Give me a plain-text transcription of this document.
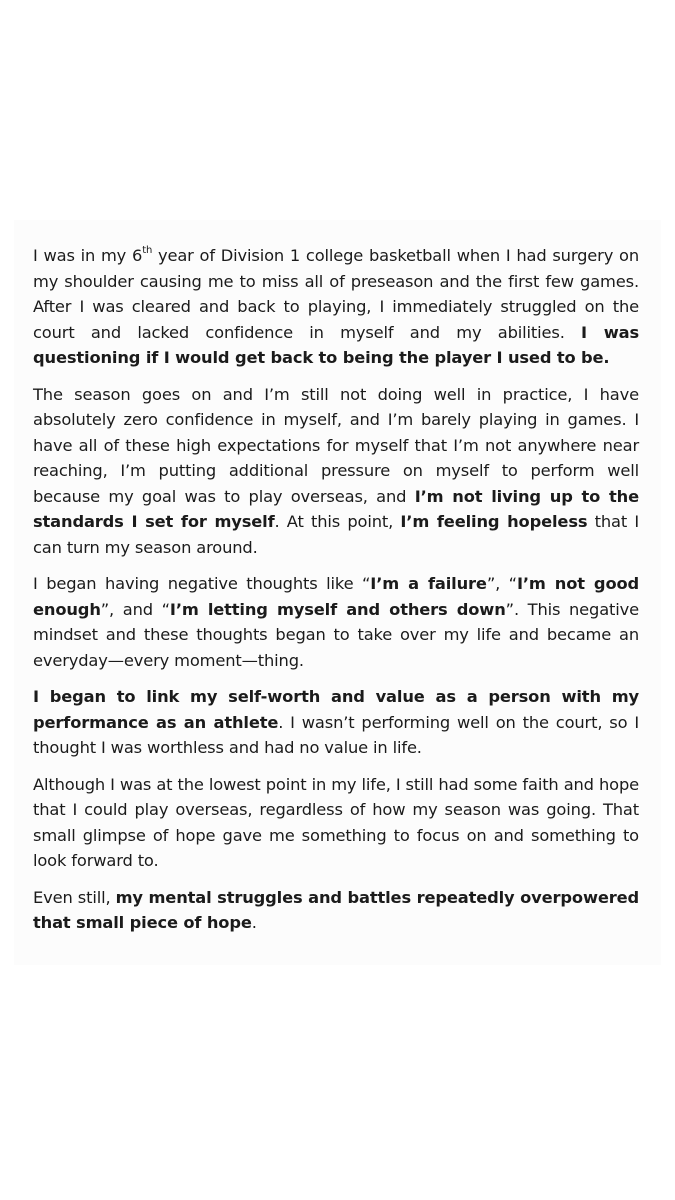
I was in my 6th year of Division 1 college basketball when I had surgery on my shoulder causing me to miss all of preseason and the first few games. After I was cleared and back to playing, I immediately struggled on the court and lacked confidence in myself and my abilities. I was questioning if I would get back to being the player I used to be.

The season goes on and I’m still not doing well in practice, I have absolutely zero confidence in myself, and I’m barely playing in games. I have all of these high expectations for myself that I’m not anywhere near reaching, I’m putting additional pressure on myself to perform well because my goal was to play overseas, and I’m not living up to the standards I set for myself. At this point, I’m feeling hopeless that I can turn my season around.

I began having negative thoughts like “I’m a failure”, “I’m not good enough”, and “I’m letting myself and others down”. This negative mindset and these thoughts began to take over my life and became an everyday—every moment—thing.

I began to link my self-worth and value as a person with my performance as an athlete. I wasn’t performing well on the court, so I thought I was worthless and had no value in life.

Although I was at the lowest point in my life, I still had some faith and hope that I could play overseas, regardless of how my season was going. That small glimpse of hope gave me something to focus on and something to look forward to.

Even still, my mental struggles and battles repeatedly overpowered that small piece of hope.
